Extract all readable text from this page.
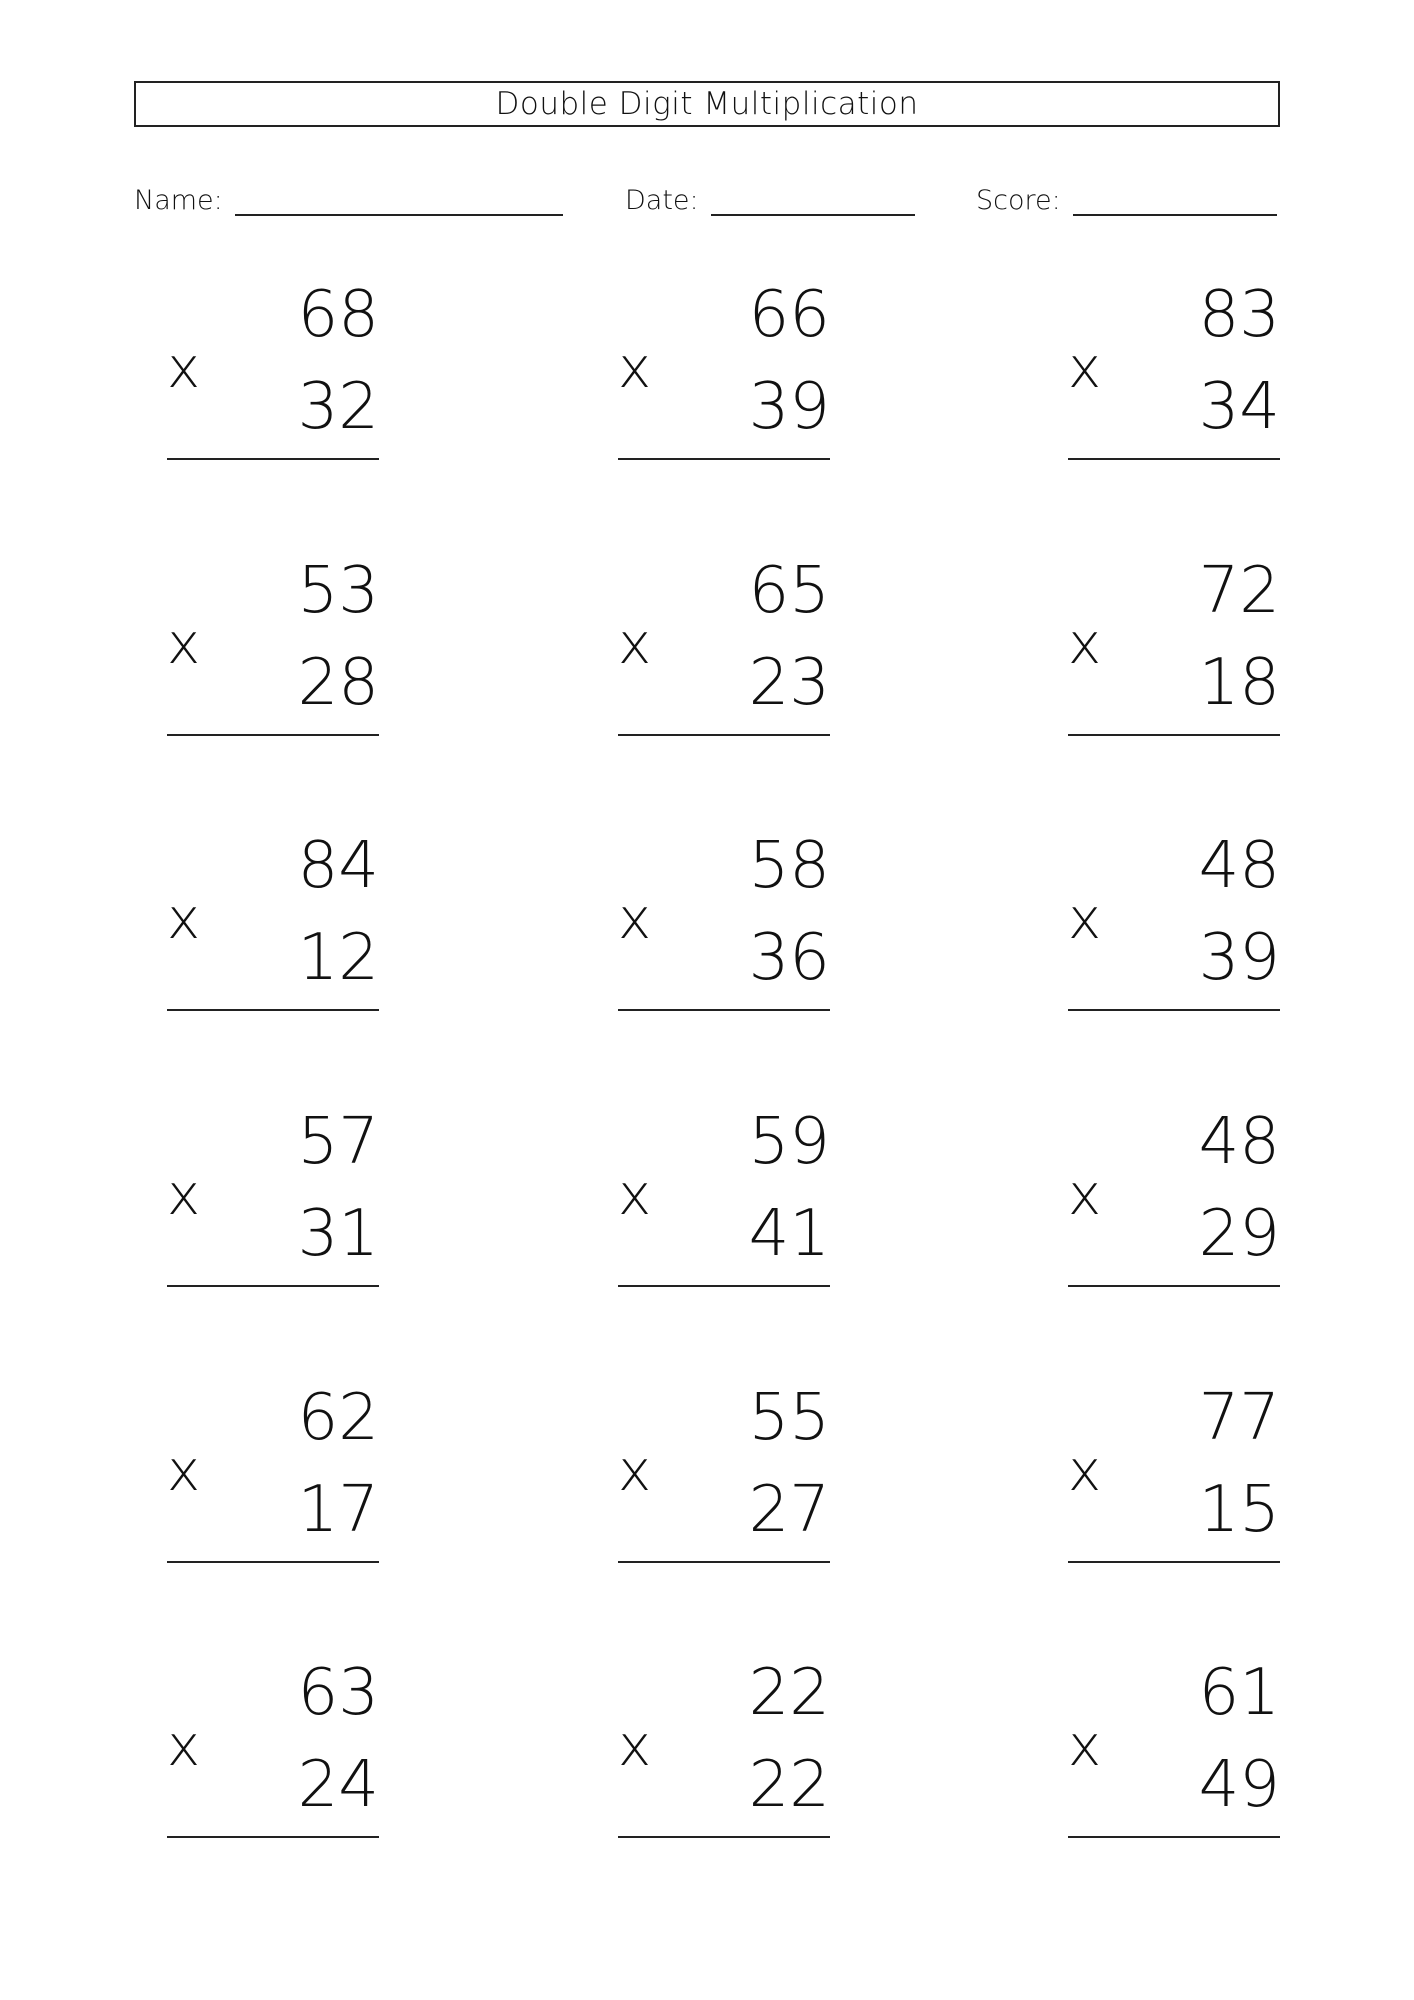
Double Digit Multiplication
Name:	Date:	Score:
x
68
32
x
66
39
x
83
34
x
53
28
x
65
23
x
72
18
x
84
12
x
58
36
x
48
39
x
57
31
x
59
41
x
48
29
x
62
17
x
55
27
x
77
15
x
63
24
x
22
22
x
61
49
